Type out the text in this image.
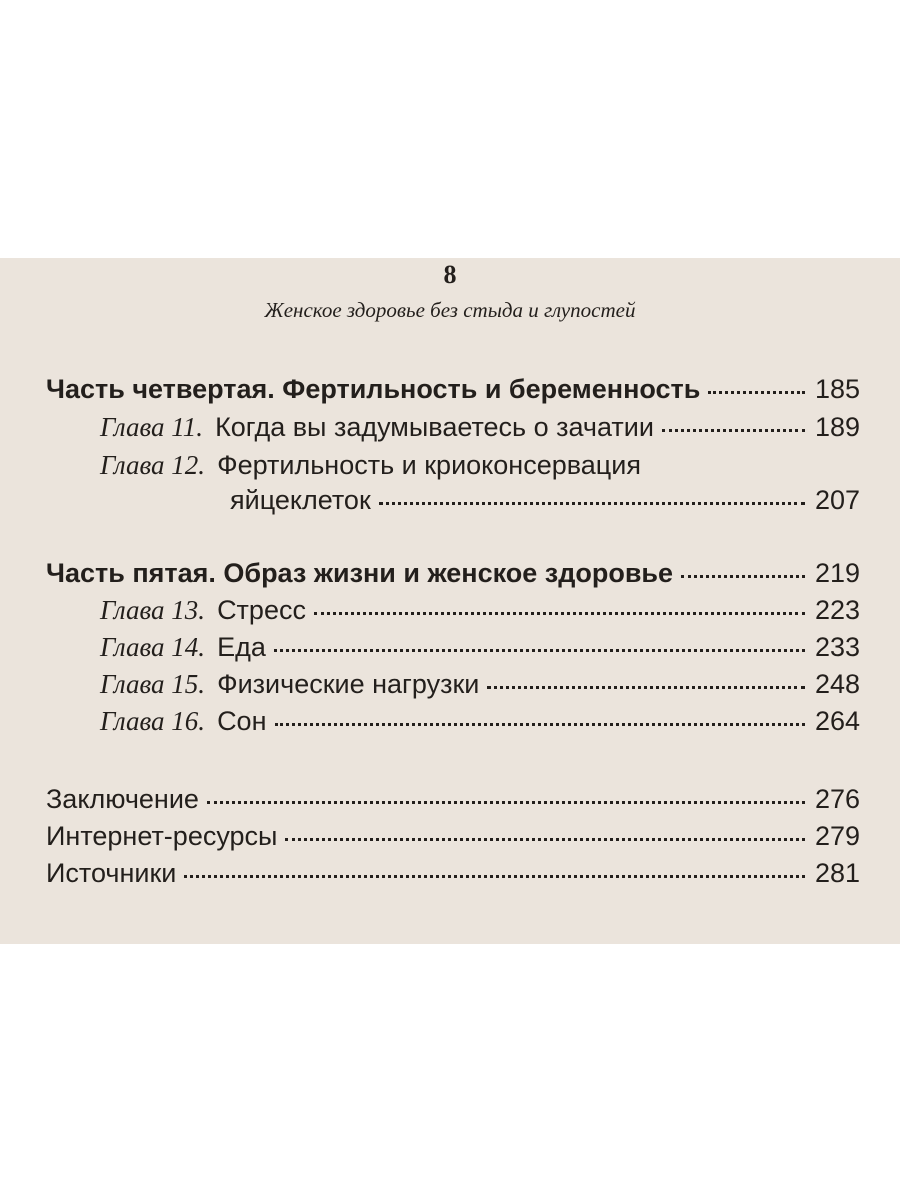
8
Женское здоровье без стыда и глупостей
Часть четвертая. Фертильность и беременность	185
Глава 11. Когда вы задумываетесь о зачатии	189
Глава 12. Фертильность и криоконсервация
яйцеклеток	207
Часть пятая. Образ жизни и женское здоровье	219
Глава 13. Стресс	223
Глава 14. Еда	233
Глава 15. Физические нагрузки	248
Глава 16. Сон	264
Заключение	276
Интернет-ресурсы	279
Источники	281
